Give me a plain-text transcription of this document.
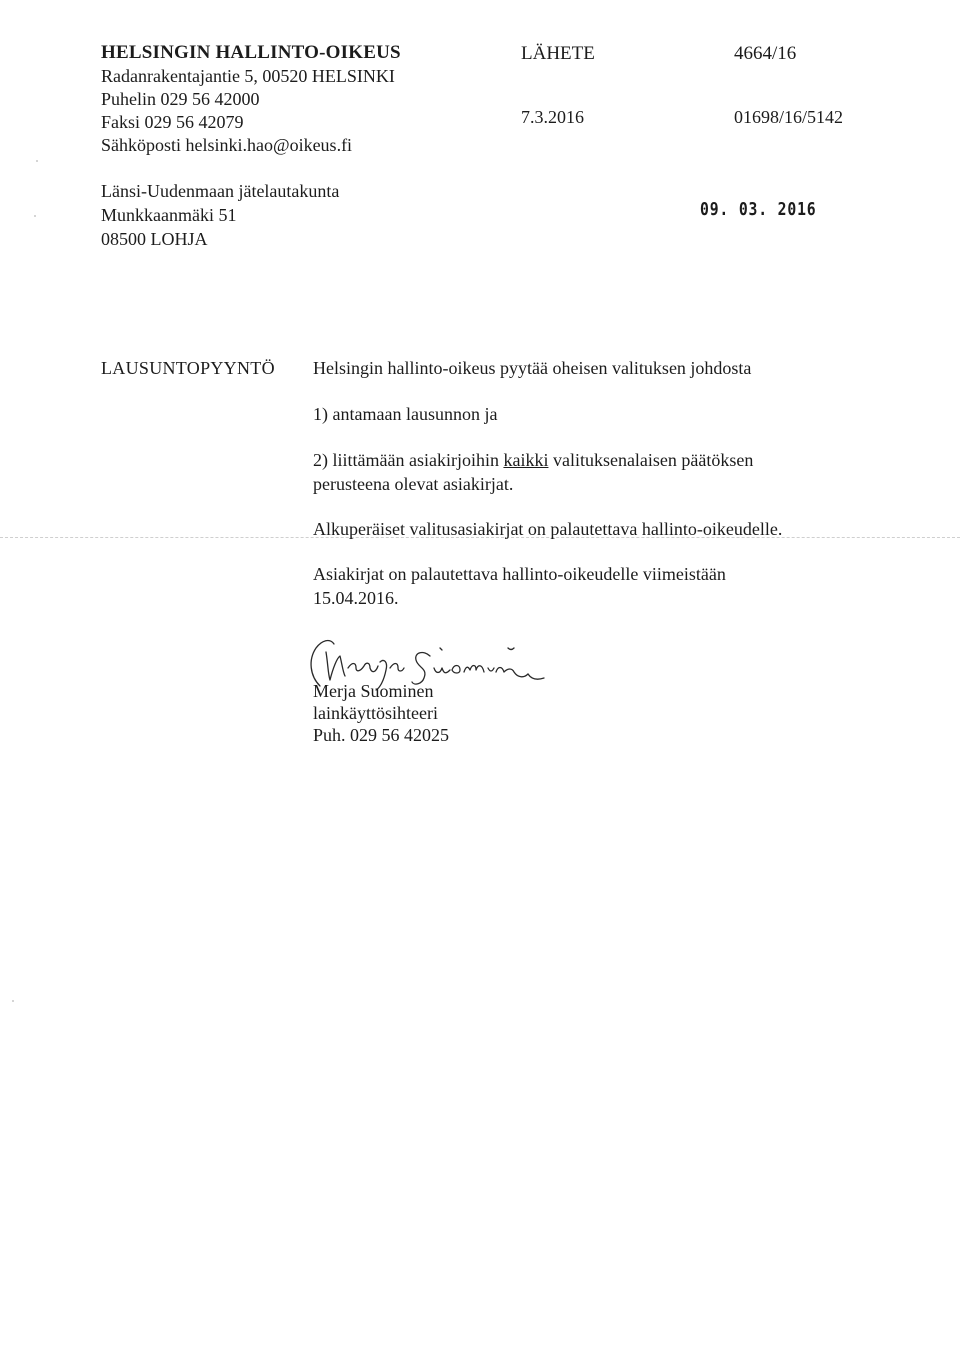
HELSINGIN HALLINTO-OIKEUS
Radanrakentajantie 5, 00520 HELSINKI
Puhelin 029 56 42000
Faksi 029 56 42079
Sähköposti helsinki.hao@oikeus.fi
LÄHETE	4664/16
7.3.2016	01698/16/5142
Länsi-Uudenmaan jätelautakunta
Munkkaanmäki 51
08500 LOHJA
09. 03. 2016
LAUSUNTOPYYNTÖ Helsingin hallinto-oikeus pyytää oheisen valituksen johdosta
1) antamaan lausunnon ja
2) liittämään asiakirjoihin kaikki valituksenalaisen päätöksen
perusteena olevat asiakirjat.
Alkuperäiset valitusasiakirjat on palautettava hallinto-oikeudelle.
Asiakirjat on palautettava hallinto-oikeudelle viimeistään
15.04.2016.
Merja Suominen
lainkäyttösihteeri
Puh. 029 56 42025
